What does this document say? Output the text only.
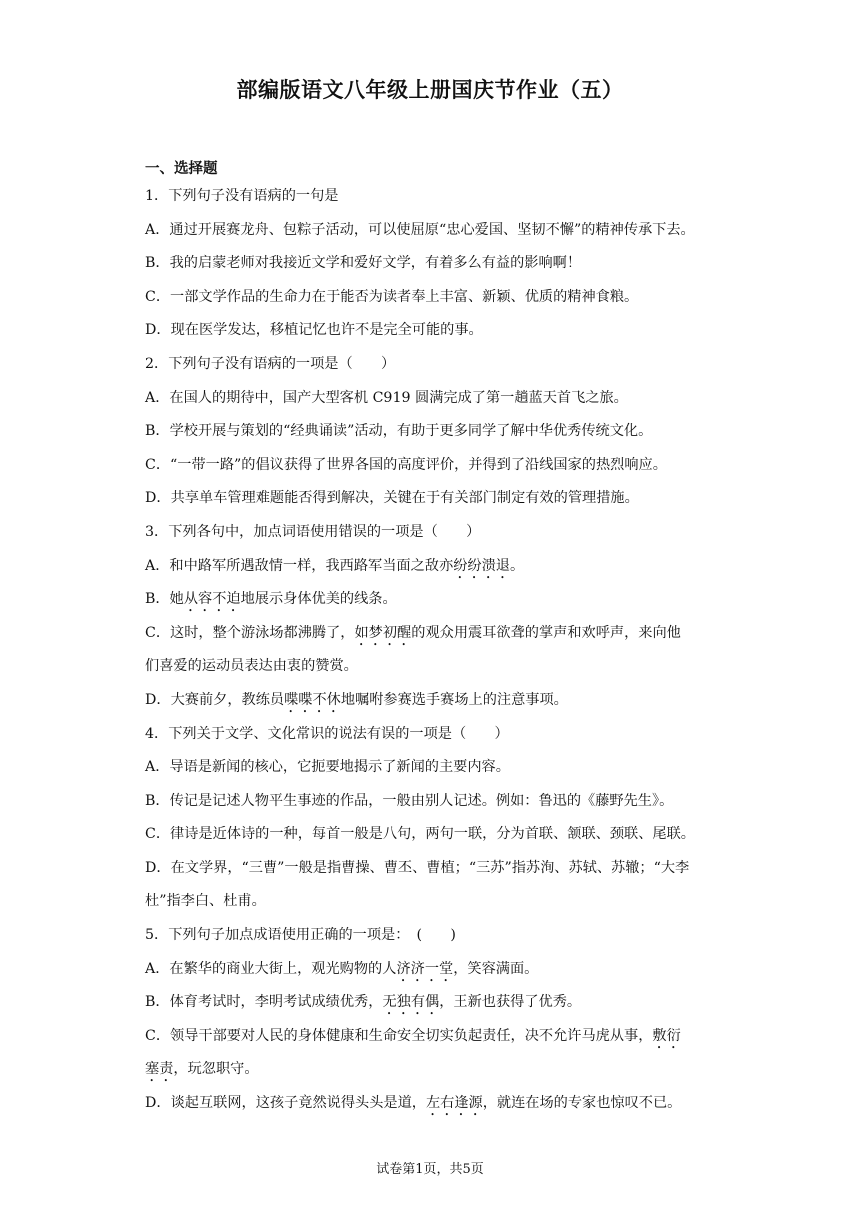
部编版语文八年级上册国庆节作业（五）
一、选择题
1．下列句子没有语病的一句是
A．通过开展赛龙舟、包粽子活动，可以使屈原“忠心爱国、坚韧不懈”的精神传承下去。
B．我的启蒙老师对我接近文学和爱好文学，有着多么有益的影响啊！
C．一部文学作品的生命力在于能否为读者奉上丰富、新颖、优质的精神食粮。
D．现在医学发达，移植记忆也许不是完全可能的事。
2．下列句子没有语病的一项是（　　）
A．在国人的期待中，国产大型客机 C919 圆满完成了第一趟蓝天首飞之旅。
B．学校开展与策划的“经典诵读”活动，有助于更多同学了解中华优秀传统文化。
C．“一带一路”的倡议获得了世界各国的高度评价，并得到了沿线国家的热烈响应。
D．共享单车管理难题能否得到解决，关键在于有关部门制定有效的管理措施。
3．下列各句中，加点词语使用错误的一项是（　　）
A．和中路军所遇敌情一样，我西路军当面之敌亦纷纷溃退。
B．她从容不迫地展示身体优美的线条。
C．这时，整个游泳场都沸腾了，如梦初醒的观众用震耳欲聋的掌声和欢呼声，来向他
们喜爱的运动员表达由衷的赞赏。
D．大赛前夕，教练员喋喋不休地嘱咐参赛选手赛场上的注意事项。
4．下列关于文学、文化常识的说法有误的一项是（　　）
A．导语是新闻的核心，它扼要地揭示了新闻的主要内容。
B．传记是记述人物平生事迹的作品，一般由别人记述。例如：鲁迅的《藤野先生》。
C．律诗是近体诗的一种，每首一般是八句，两句一联，分为首联、颔联、颈联、尾联。
D．在文学界，“三曹”一般是指曹操、曹丕、曹植；“三苏”指苏洵、苏轼、苏辙；“大李
杜”指李白、杜甫。
5．下列句子加点成语使用正确的一项是：　(　　)
A．在繁华的商业大街上，观光购物的人济济一堂，笑容满面。
B．体育考试时，李明考试成绩优秀，无独有偶，王新也获得了优秀。
C．领导干部要对人民的身体健康和生命安全切实负起责任，决不允许马虎从事，敷衍
塞责，玩忽职守。
D．谈起互联网，这孩子竟然说得头头是道，左右逢源，就连在场的专家也惊叹不已。
试卷第1页，共5页
